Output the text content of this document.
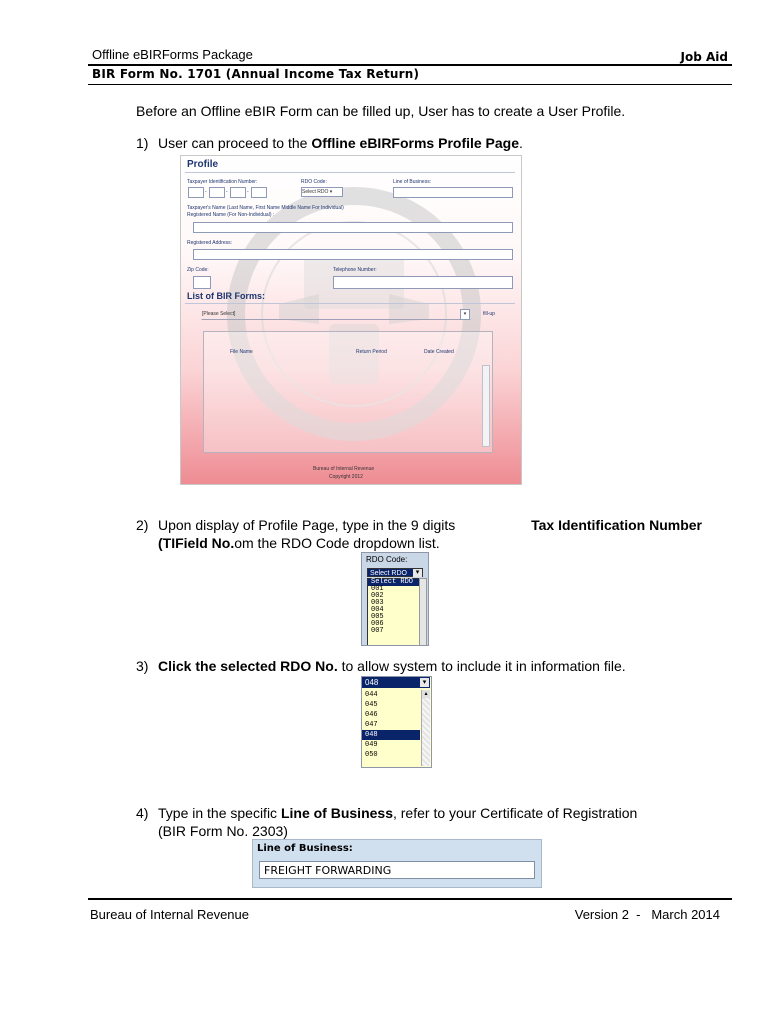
Offline eBIRForms Package	Job Aid
BIR Form No. 1701 (Annual Income Tax Return)
Before an Offline eBIR Form can be filled up, User has to create a User Profile.
1) User can proceed to the Offline eBIRForms Profile Page.
Profile
Taxpayer Identification Number:
-	-	-
RDO Code:
Select RDO ▾
Line of Business:
Taxpayer's Name (Last Name, First Name Middle Name For Individual)
Registered Name (For Non-Individual) :
Registered Address:
Zip Code:	Telephone Number:
List of BIR Forms:
[Please Select]	▾	fill-up
File Name	Return Period	Date Created
Bureau of Internal Revenue
Copyright 2012
2) Upon display of Profile Page, type in the 9 digits	Tax Identification Number
(TIField No.om the RDO Code dropdown list.
RDO Code:
Select RDO	▾
Select RDO
001
002
003
004
005
006
007
3) Click the selected RDO No. to allow system to include it in information file.
048	▾
044
045
046
047
048
049
050
▴
4) Type in the specific Line of Business, refer to your Certificate of Registration
(BIR Form No. 2303)
Line of Business:
FREIGHT FORWARDING
Bureau of Internal Revenue	Version 2  -   March 2014
